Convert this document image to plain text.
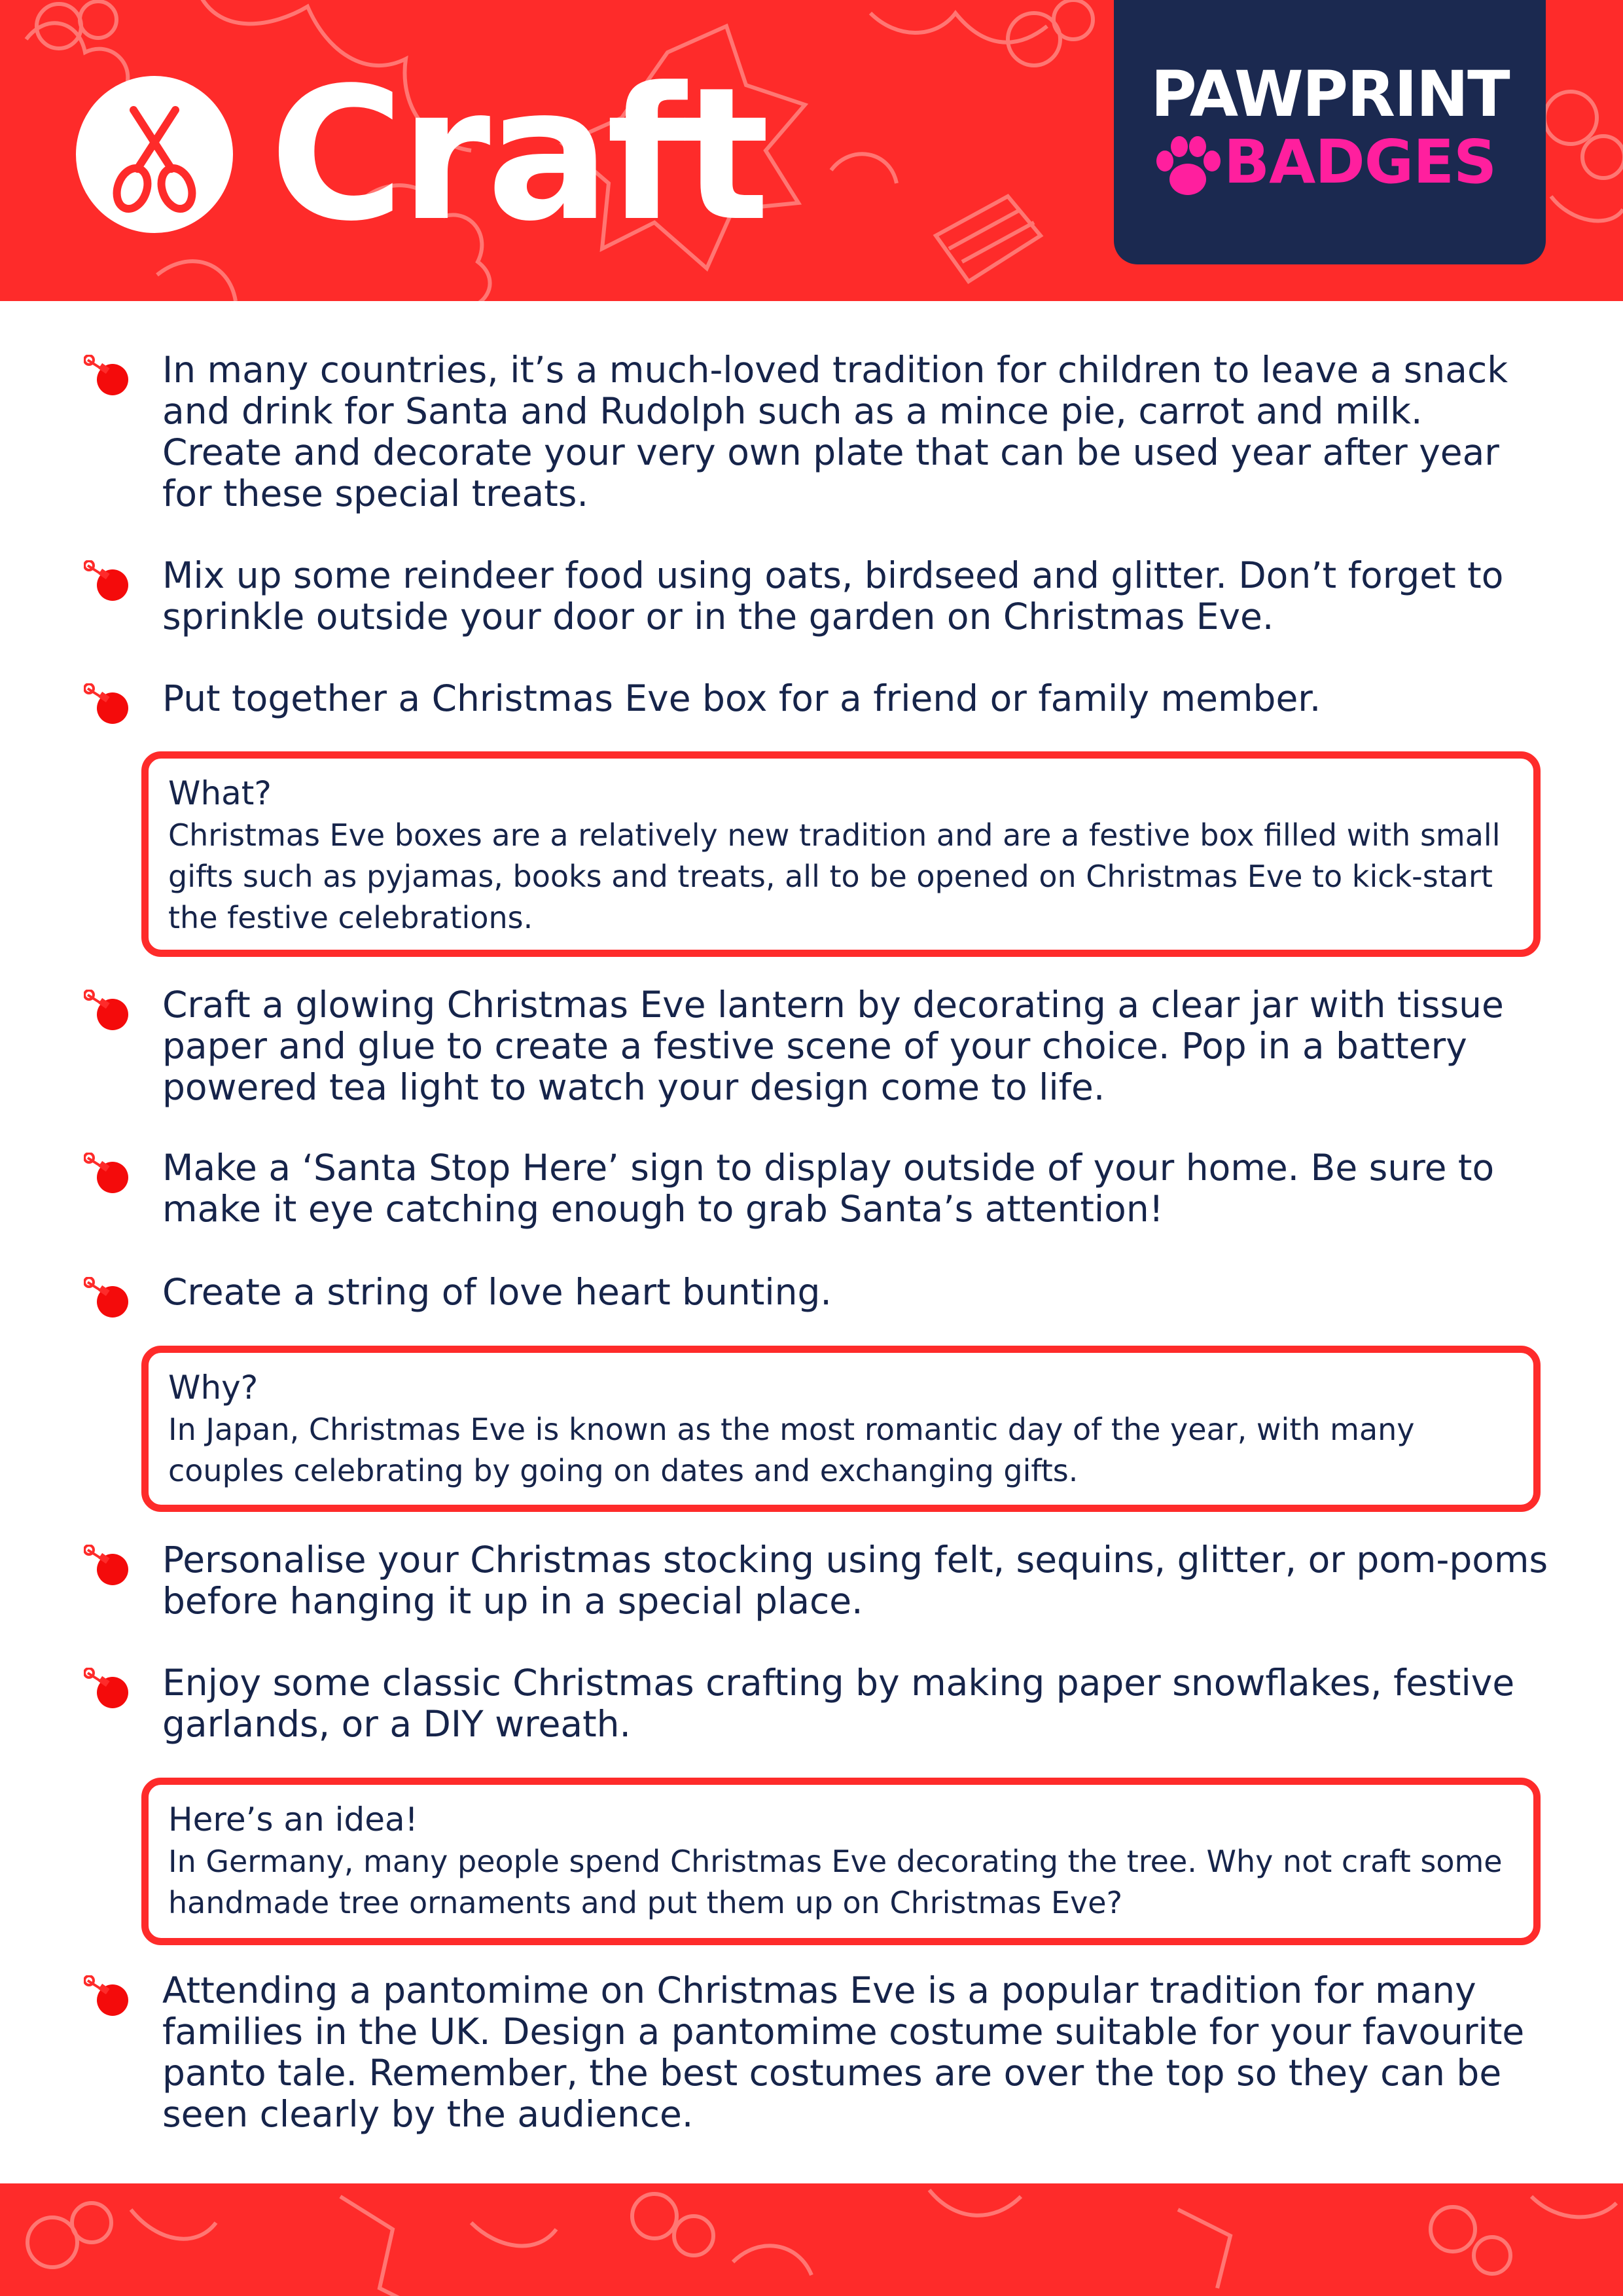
Craft	PAWPRINT
BADGES
In many countries, it’s a much-loved tradition for children to leave a snack and drink for Santa and Rudolph such as a mince pie, carrot and milk. Create and decorate your very own plate that can be used year after year for these special treats.
Mix up some reindeer food using oats, birdseed and glitter. Don’t forget to sprinkle outside your door or in the garden on Christmas Eve.
Put together a Christmas Eve box for a friend or family member.
What?
Christmas Eve boxes are a relatively new tradition and are a festive box filled with small gifts such as pyjamas, books and treats, all to be opened on Christmas Eve to kick-start the festive celebrations.
Craft a glowing Christmas Eve lantern by decorating a clear jar with tissue paper and glue to create a festive scene of your choice. Pop in a battery powered tea light to watch your design come to life.
Make a ‘Santa Stop Here’ sign to display outside of your home. Be sure to make it eye catching enough to grab Santa’s attention!
Create a string of love heart bunting.
Why?
In Japan, Christmas Eve is known as the most romantic day of the year, with many couples celebrating by going on dates and exchanging gifts.
Personalise your Christmas stocking using felt, sequins, glitter, or pom-poms before hanging it up in a special place.
Enjoy some classic Christmas crafting by making paper snowflakes, festive garlands, or a DIY wreath.
Here’s an idea!
In Germany, many people spend Christmas Eve decorating the tree. Why not craft some handmade tree ornaments and put them up on Christmas Eve?
Attending a pantomime on Christmas Eve is a popular tradition for many families in the UK. Design a pantomime costume suitable for your favourite panto tale. Remember, the best costumes are over the top so they can be seen clearly by the audience.
